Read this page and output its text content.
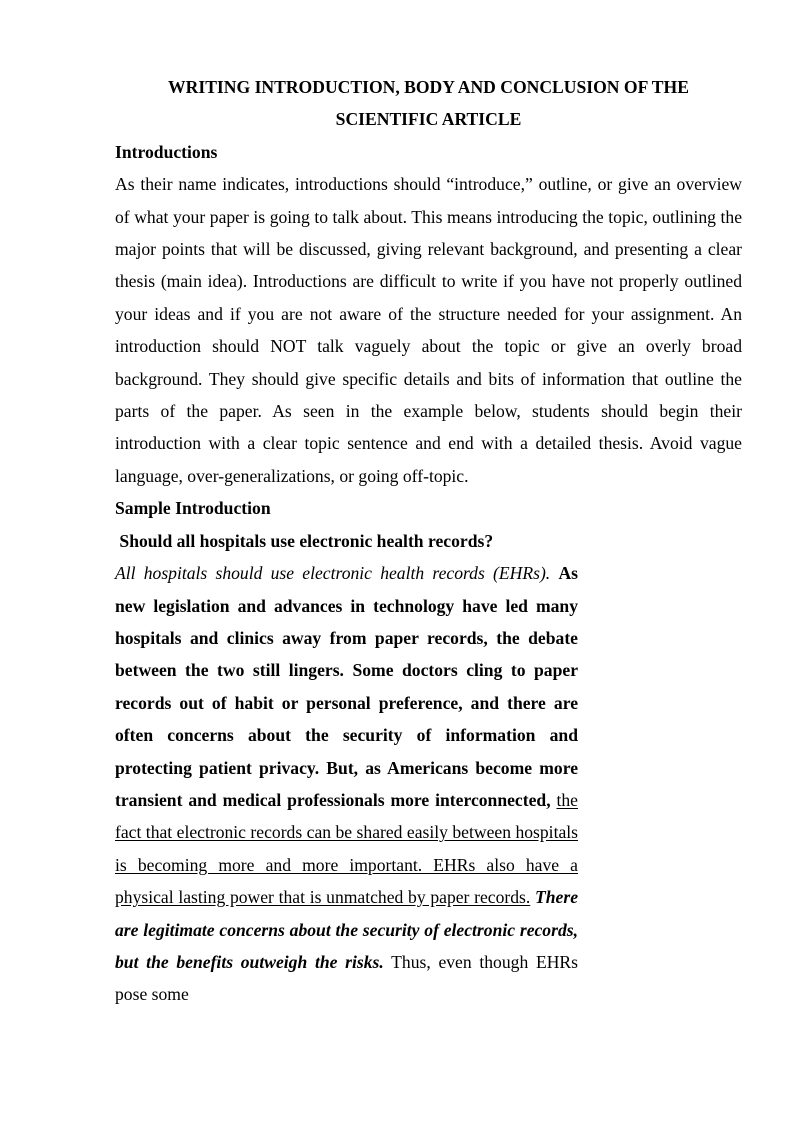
WRITING INTRODUCTION, BODY AND CONCLUSION OF THE
SCIENTIFIC ARTICLE
Introductions

As their name indicates, introductions should “introduce,” outline, or give an overview of what your paper is going to talk about. This means introducing the topic, outlining the major points that will be discussed, giving relevant background, and presenting a clear thesis (main idea). Introductions are difficult to write if you have not properly outlined your ideas and if you are not aware of the structure needed for your assignment. An introduction should NOT talk vaguely about the topic or give an overly broad background. They should give specific details and bits of information that outline the parts of the paper. As seen in the example below, students should begin their introduction with a clear topic sentence and end with a detailed thesis. Avoid vague language, over-generalizations, or going off-topic.

Sample Introduction

Should all hospitals use electronic health records?

All hospitals should use electronic health records (EHRs). As new legislation and advances in technology have led many hospitals and clinics away from paper records, the debate between the two still lingers. Some doctors cling to paper records out of habit or personal preference, and there are often concerns about the security of information and protecting patient privacy. But, as Americans become more transient and medical professionals more interconnected, the fact that electronic records can be shared easily between hospitals is becoming more and more important. EHRs also have a physical lasting power that is unmatched by paper records. There are legitimate concerns about the security of electronic records, but the benefits outweigh the risks. Thus, even though EHRs pose some
